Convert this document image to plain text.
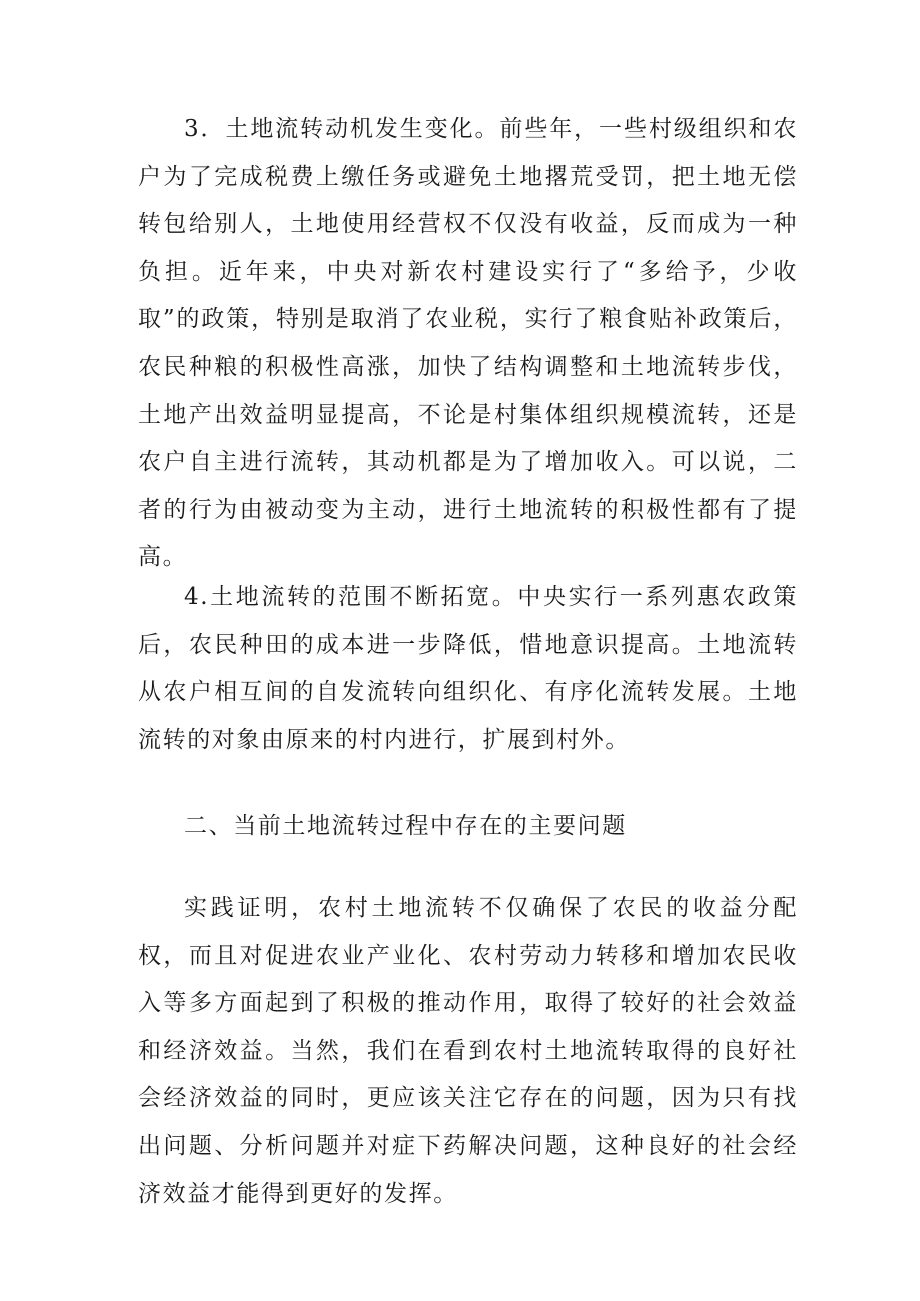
3．土地流转动机发生变化。前些年，一些村级组织和农户为了完成税费上缴任务或避免土地撂荒受罚，把土地无偿转包给别人，土地使用经营权不仅没有收益，反而成为一种负担。近年来，中央对新农村建设实行了“多给予，少收取”的政策，特别是取消了农业税，实行了粮食贴补政策后，农民种粮的积极性高涨，加快了结构调整和土地流转步伐，土地产出效益明显提高，不论是村集体组织规模流转，还是农户自主进行流转，其动机都是为了增加收入。可以说，二者的行为由被动变为主动，进行土地流转的积极性都有了提高。

4.土地流转的范围不断拓宽。中央实行一系列惠农政策后，农民种田的成本进一步降低，惜地意识提高。土地流转从农户相互间的自发流转向组织化、有序化流转发展。土地流转的对象由原来的村内进行，扩展到村外。

二、当前土地流转过程中存在的主要问题

实践证明，农村土地流转不仅确保了农民的收益分配权，而且对促进农业产业化、农村劳动力转移和增加农民收入等多方面起到了积极的推动作用，取得了较好的社会效益和经济效益。当然，我们在看到农村土地流转取得的良好社会经济效益的同时，更应该关注它存在的问题，因为只有找出问题、分析问题并对症下药解决问题，这种良好的社会经济效益才能得到更好的发挥。
